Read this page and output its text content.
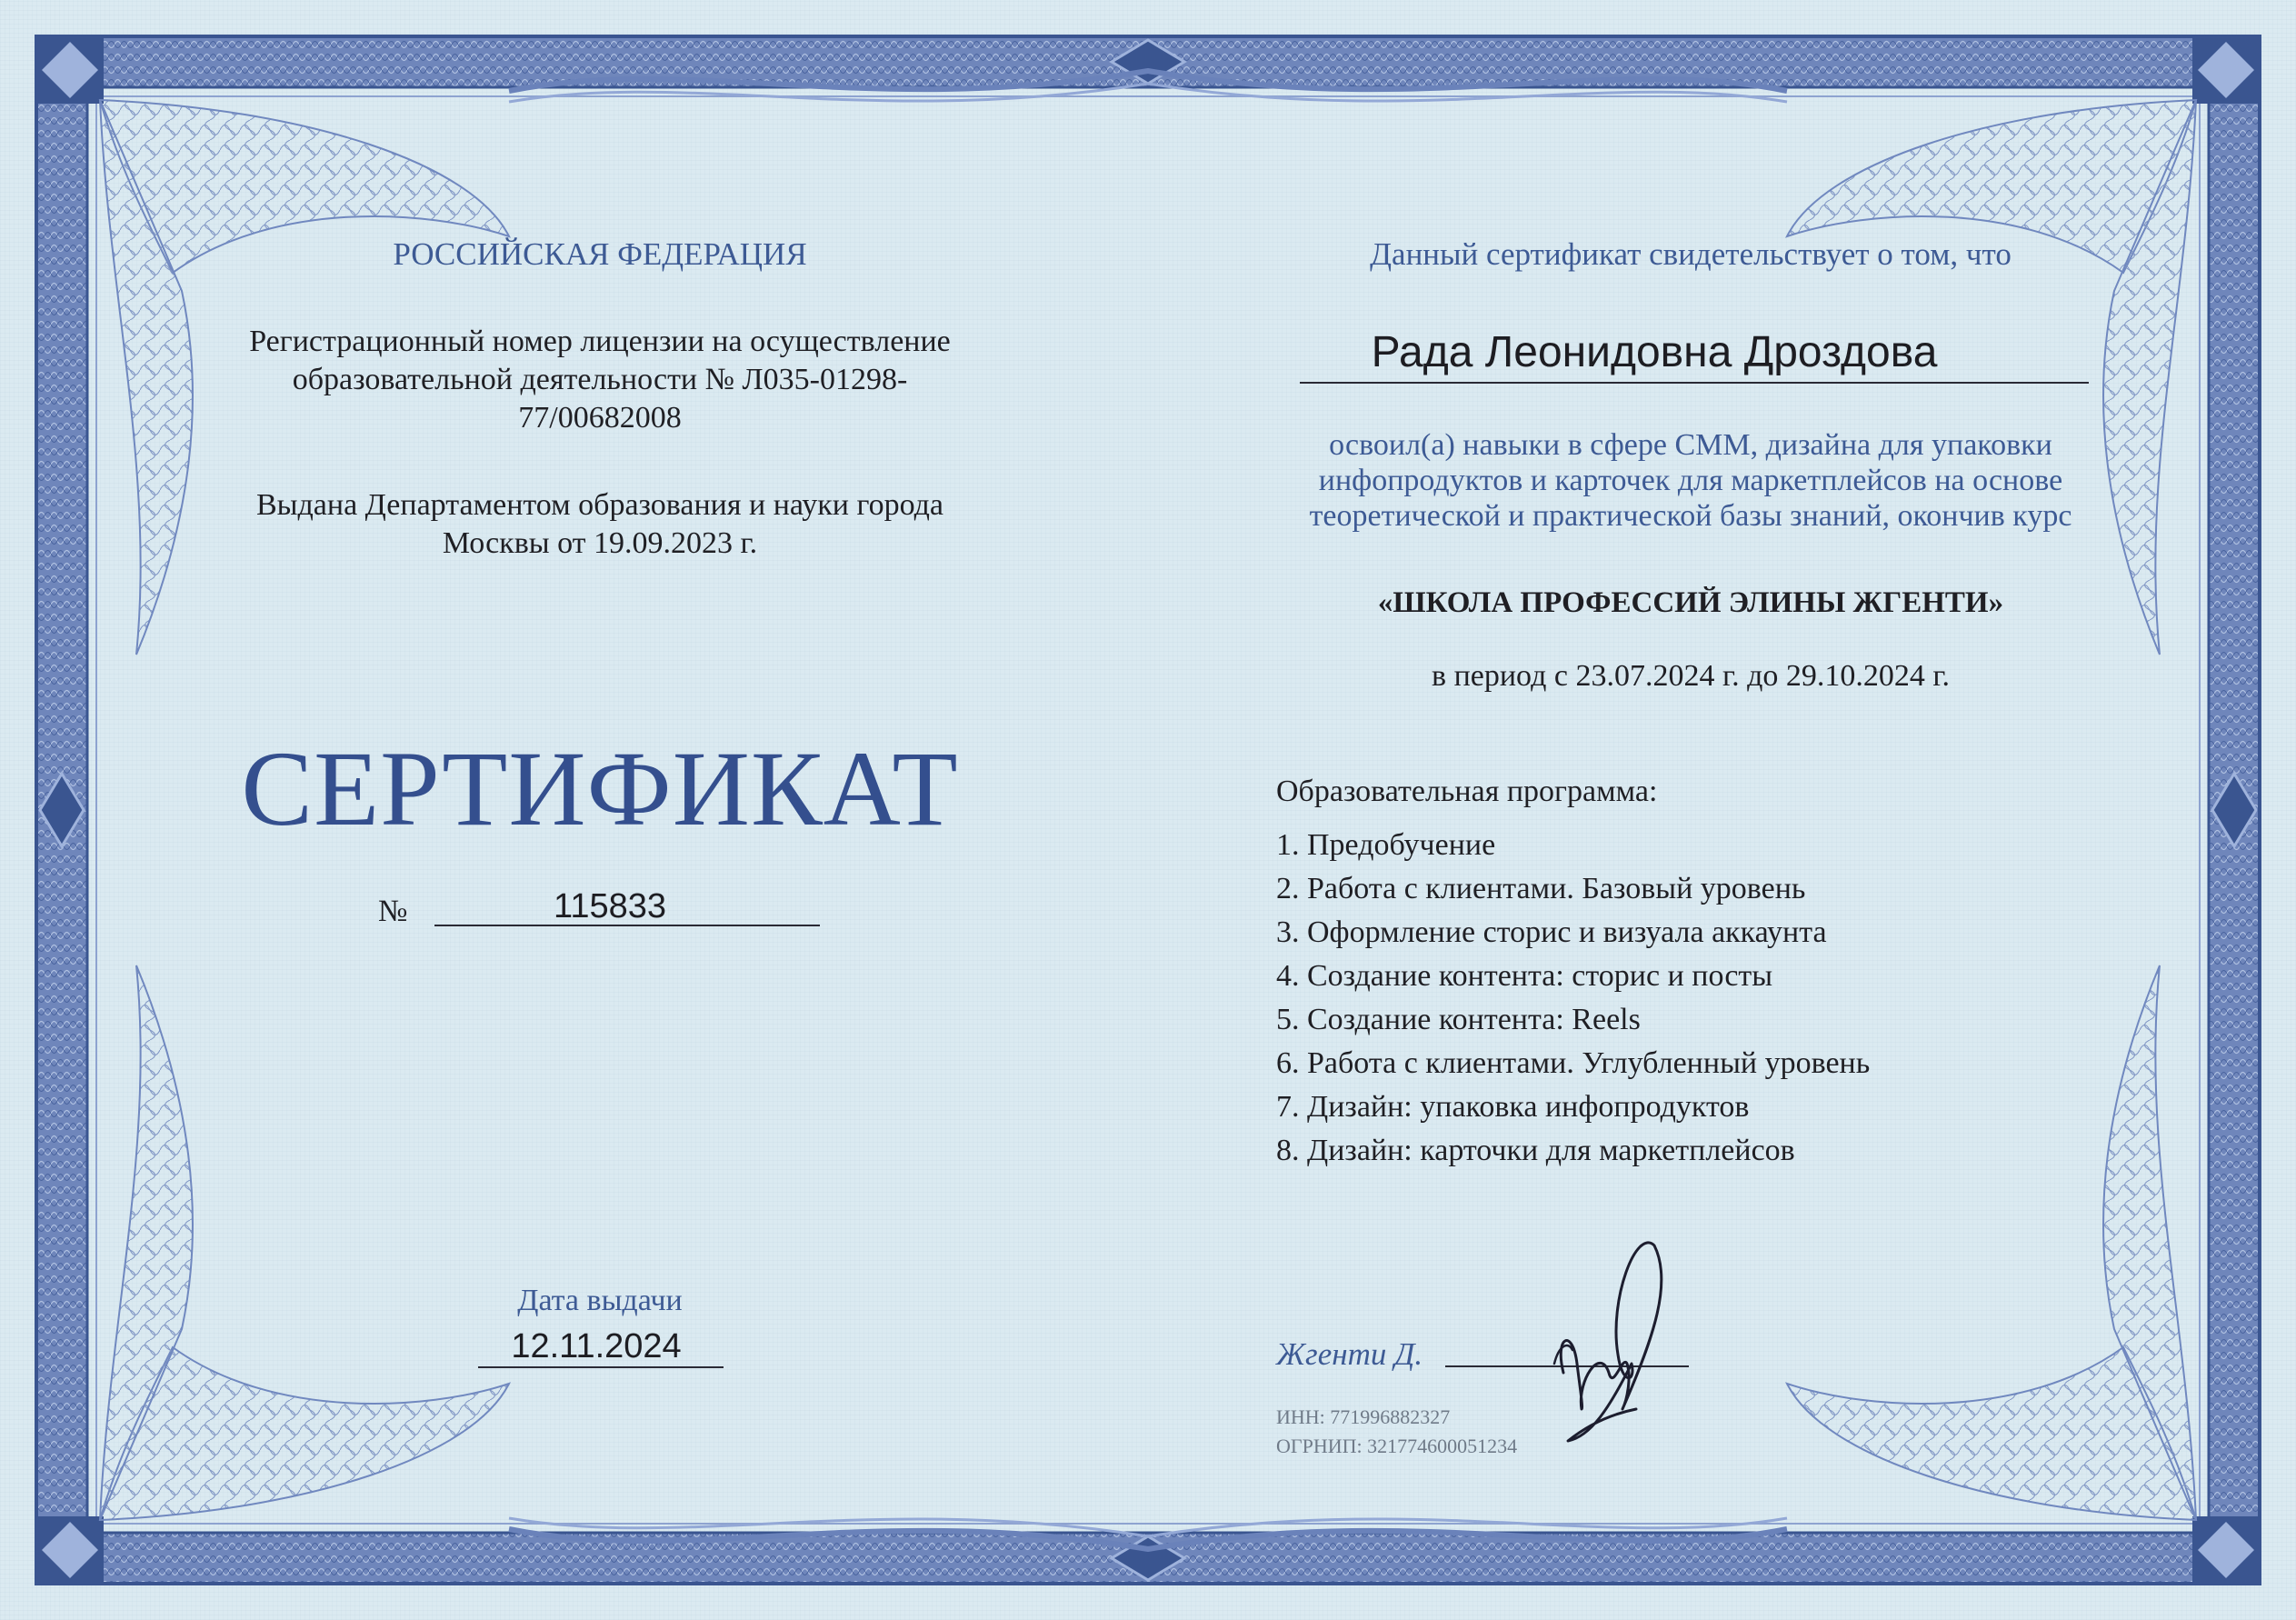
РОССИЙСКАЯ ФЕДЕРАЦИЯ

Регистрационный номер лицензии на осуществление образовательной деятельности № Л035-01298-77/00682008

Выдана Департаментом образования и науки города Москвы от 19.09.2023 г.

СЕРТИФИКАТ

№	115833
Дата выдачи
12.11.2024

Данный сертификат свидетельствует о том, что

Рада Леонидовна Дроздова

освоил(а) навыки в сфере СММ, дизайна для упаковки инфопродуктов и карточек для маркетплейсов на основе теоретической и практической базы знаний, окончив курс

«ШКОЛА ПРОФЕССИЙ ЭЛИНЫ ЖГЕНТИ»

в период с 23.07.2024 г. до 29.10.2024 г.

Образовательная программа:

1. Предобучение
2. Работа с клиентами. Базовый уровень
3. Оформление сторис и визуала аккаунта
4. Создание контента: сторис и посты
5. Создание контента: Reels
6. Работа с клиентами. Углубленный уровень
7. Дизайн: упаковка инфопродуктов
8. Дизайн: карточки для маркетплейсов
Жгенти Д.
ИНН: 771996882327
ОГРНИП: 321774600051234
